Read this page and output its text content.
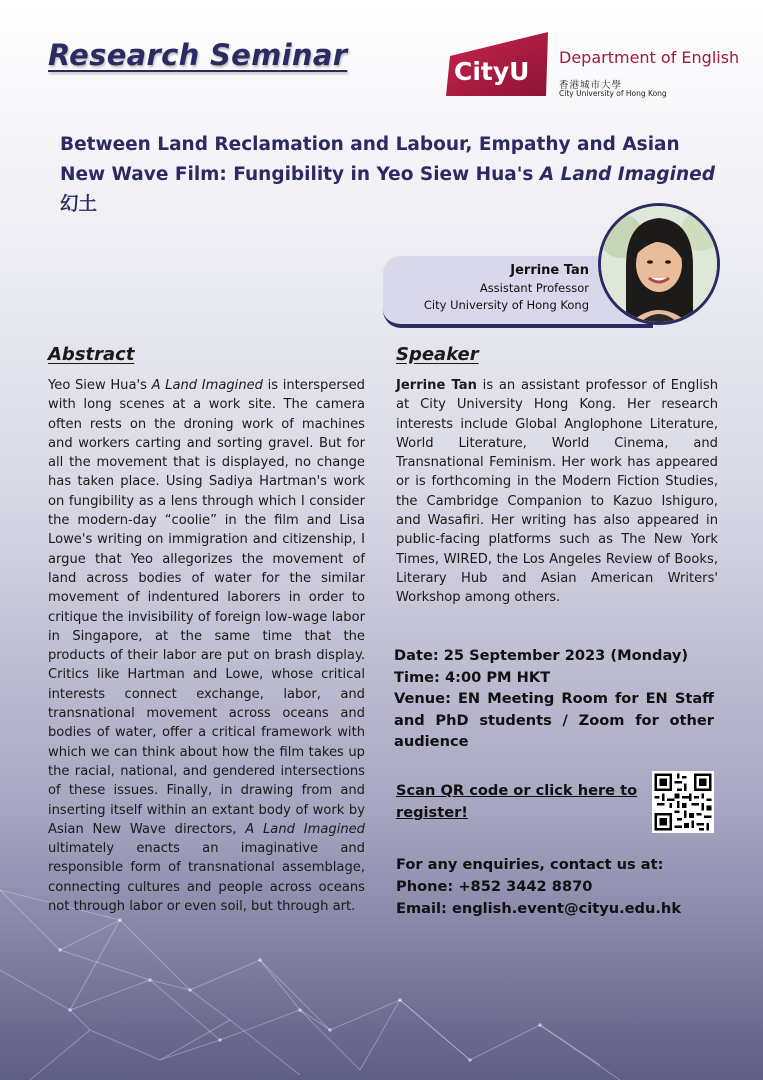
Research Seminar	CityU Department of English
香港城市大學
City University of Hong Kong
Between Land Reclamation and Labour, Empathy and Asian New Wave Film: Fungibility in Yeo Siew Hua's A Land Imagined 幻土
Jerrine Tan
Assistant Professor
City University of Hong Kong
Abstract

Yeo Siew Hua's A Land Imagined is interspersed with long scenes at a work site. The camera often rests on the droning work of machines and workers carting and sorting gravel. But for all the movement that is displayed, no change has taken place. Using Sadiya Hartman's work on fungibility as a lens through which I consider the modern-day “coolie” in the film and Lisa Lowe's writing on immigration and citizenship, I argue that Yeo allegorizes the movement of land across bodies of water for the similar movement of indentured laborers in order to critique the invisibility of foreign low-wage labor in Singapore, at the same time that the products of their labor are put on brash display. Critics like Hartman and Lowe, whose critical interests connect exchange, labor, and transnational movement across oceans and bodies of water, offer a critical framework with which we can think about how the film takes up the racial, national, and gendered intersections of these issues. Finally, in drawing from and inserting itself within an extant body of work by Asian New Wave directors, A Land Imagined ultimately enacts an imaginative and responsible form of transnational assemblage, connecting cultures and people across oceans not through labor or even soil, but through art.

Speaker

Jerrine Tan is an assistant professor of English at City University Hong Kong. Her research interests include Global Anglophone Literature, World Literature, World Cinema, and Transnational Feminism. Her work has appeared or is forthcoming in the Modern Fiction Studies, the Cambridge Companion to Kazuo Ishiguro, and Wasafiri. Her writing has also appeared in public-facing platforms such as The New York Times, WIRED, the Los Angeles Review of Books, Literary Hub and Asian American Writers' Workshop among others.

Date: 25 September 2023 (Monday)
Time: 4:00 PM HKT
Venue: EN Meeting Room for EN Staff and PhD students / Zoom for other audience

Scan QR code or click here to register!

For any enquiries, contact us at:
Phone: +852 3442 8870
Email: english.event@cityu.edu.hk
